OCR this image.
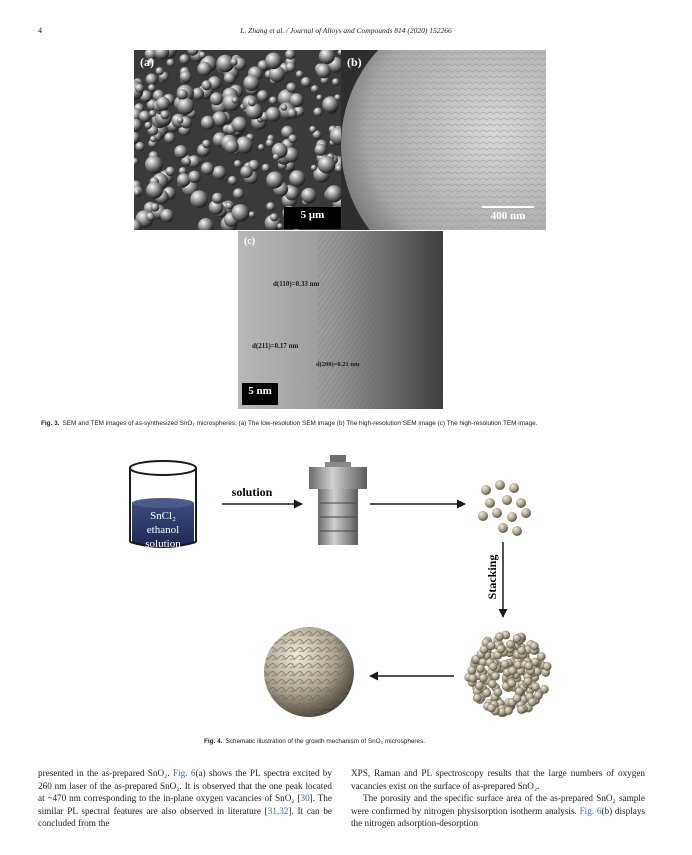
4	L. Zhang et al. / Journal of Alloys and Compounds 814 (2020) 152266
(a)
5 μm
(b)
400 nm
(c)
d(110)=0.33 nm
d(211)=0.17 nm
d(200)=0.21 nm
5 nm
Fig. 3. SEM and TEM images of as-synthesized SnO₂ microspheres: (a) The low-resolution SEM image (b) The high-resolution SEM image (c) The high-resolution TEM image.
SnCl₂
ethanol
solution
solution
Stacking
Fig. 4. Schematic illustration of the growth mechanism of SnO₂ microspheres.

presented in the as-prepared SnO₂. Fig. 6(a) shows the PL spectra excited by 260 nm laser of the as-prepared SnO₂. It is observed that the one peak located at ~470 nm corresponding to the in-plane oxygen vacancies of SnO₂ [30]. The similar PL spectral features are also observed in literature [31,32]. It can be concluded from the

XPS, Raman and PL spectroscopy results that the large numbers of oxygen vacancies exist on the surface of as-prepared SnO₂.

The porosity and the specific surface area of the as-prepared SnO₂ sample were confirmed by nitrogen physisorption isotherm analysis. Fig. 6(b) displays the nitrogen adsorption-desorption
